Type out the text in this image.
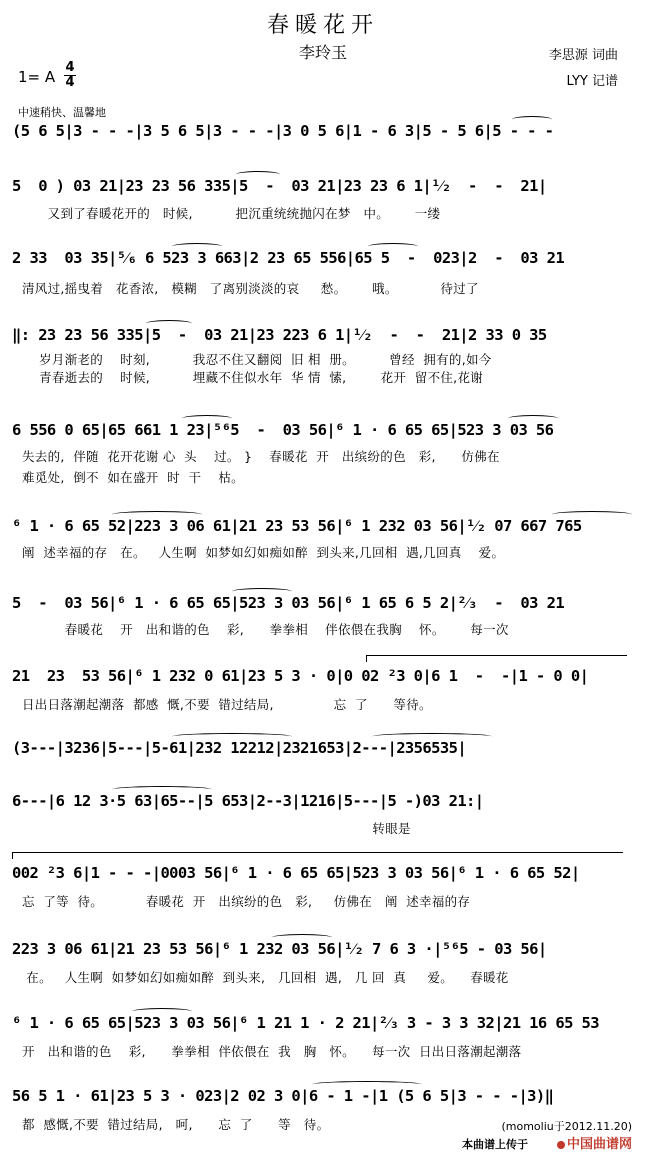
春暖花开
李玲玉
1= A
4
4
李思源 词曲
LYY 记谱
中速稍快、温馨地
(5 6 5|3 - - -|3 5 6 5|3 - - -|3 0 5 6|1 - 6 3|5 - 5 6|5 - - -
5  0 ) 03 21|23 23 56 335|5  -  03 21|23 23 6 1|¹⁄₂  -  -  21|
又到了春暖花开的   时候,          把沉重统统抛闪在梦   中。      一缕
2 33  03 35|⁵⁄₆ 6 523 3 663|2 23 65 556|65 5  -  023|2  -  03 21
清风过,摇曳着   花香浓,   模糊   了离别淡淡的哀     愁。      哦。          待过了
‖: 23 23 56 335|5  -  03 21|23 223 6 1|¹⁄₂  -  -  21|2 33 0 35
岁月渐老的    时刻,          我忍不住又翻阅  旧 相  册。        曾经  拥有的,如今
青春逝去的    时候,          埋藏不住似水年  华 情  愫,        花开  留不住,花谢
6 556 0 65|65 661 1 23|⁵⁶5  -  03 56|⁶ 1 · 6 65 65|523 3 03 56
失去的,  伴随  花开花谢 心  头    过。 }    春暖花  开   出缤纷的色   彩,      仿佛在
难觅处,  倒不  如在盛开  时  干    枯。
⁶ 1 · 6 65 52|223 3 06 61|21 23 53 56|⁶ 1 232 03 56|¹⁄₂ 07 667 765
阐  述幸福的存   在。   人生啊  如梦如幻如痴如醉  到头来,几回相  遇,几回真    爱。
5  -  03 56|⁶ 1 · 6 65 65|523 3 03 56|⁶ 1 65 6 5 2|²⁄₃  -  03 21
春暖花    开   出和谐的色    彩,      拳拳相    伴依偎在我胸    怀。      每一次
21  23  53 56|⁶ 1 232 0 61|23 5 3 · 0|0 02 ²3 0|6 1  -  -|1 - 0 0|
日出日落潮起潮落  都感  慨,不要  错过结局,              忘  了      等待。

(3---|3236|5---|5-61|232 12212|2321653|2---|2356535|
6---|6 12 3·5 63|65--|5 653|2--3|1216|5---|5 -)03 21:|
转眼是
002 ²3 6|1 - - -|0003 56|⁶ 1 · 6 65 65|523 3 03 56|⁶ 1 · 6 65 52|
忘  了等  待。          春暖花  开   出缤纷的色   彩,     仿佛在   阐  述幸福的存

223 3 06 61|21 23 53 56|⁶ 1 232 03 56|¹⁄₂ 7 6 3 ·|⁵⁶5 - 03 56|
在。   人生啊  如梦如幻如痴如醉  到头来,   几回相  遇,   几 回  真     爱。    春暖花
⁶ 1 · 6 65 65|523 3 03 56|⁶ 1 21 1 · 2 21|²⁄₃ 3 - 3 3 32|21 16 65 53
开   出和谐的色    彩,      拳拳相  伴依偎在  我   胸   怀。    每一次  日出日落潮起潮落
56 5 1 · 61|23 5 3 · 023|2 02 3 0|6 - 1 -|1 (5 6 5|3 - - -|3)‖
都  感慨,不要  错过结局,   呵,      忘  了      等   待。	(momoliu于2012.11.20)
本曲谱上传于	中国曲谱网
